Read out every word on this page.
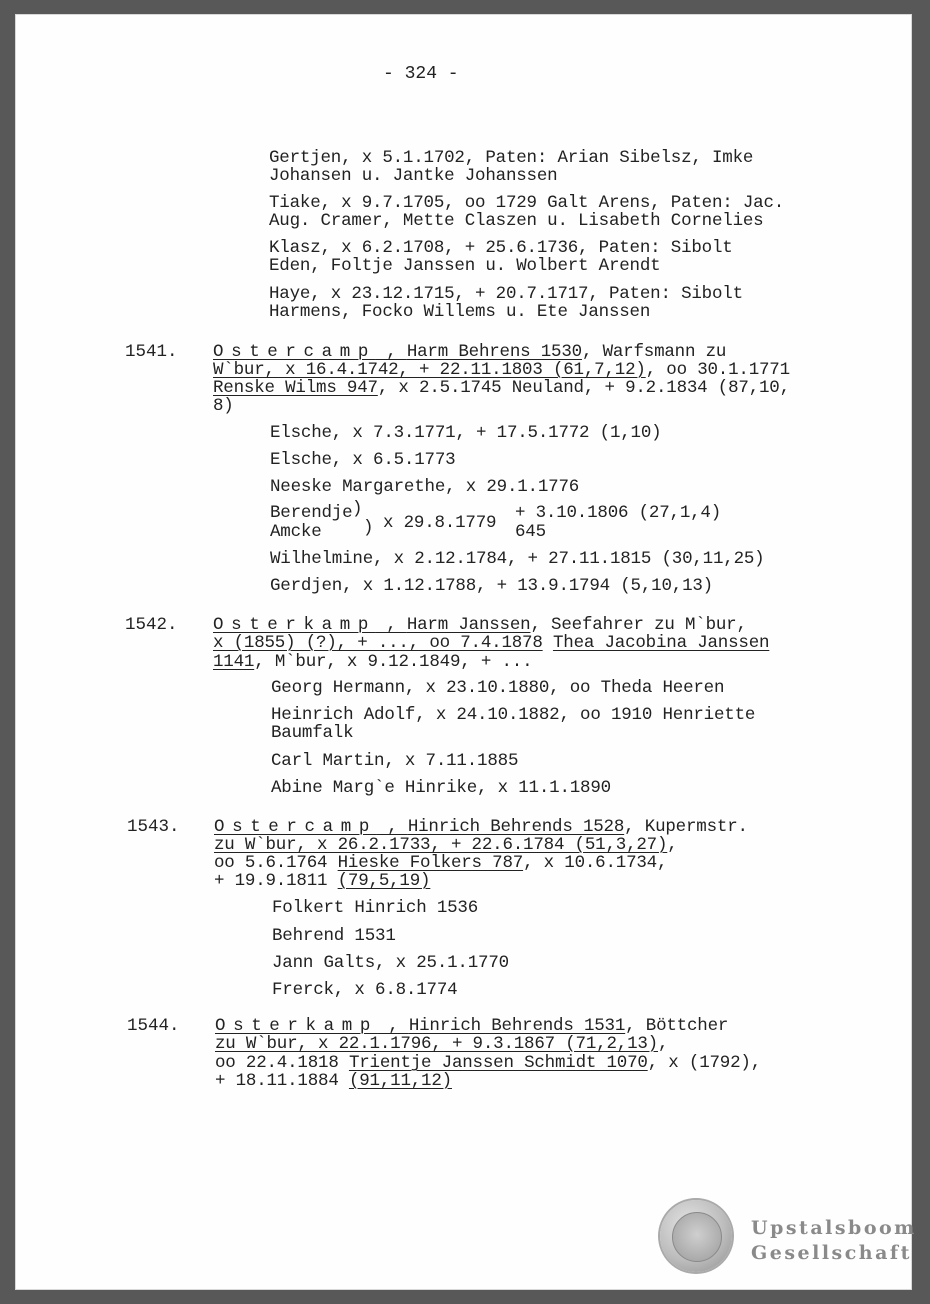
- 324 -
Gertjen, x 5.1.1702, Paten: Arian Sibelsz, Imke
Johansen u. Jantke Johanssen
Tiake, x 9.7.1705, oo 1729 Galt Arens, Paten: Jac.
Aug. Cramer, Mette Claszen u. Lisabeth Cornelies
Klasz, x 6.2.1708, + 25.6.1736, Paten: Sibolt
Eden, Foltje Janssen u. Wolbert Arendt
Haye, x 23.12.1715, + 20.7.1717, Paten: Sibolt
Harmens, Focko Willems u. Ete Janssen
1541. Ostercamp , Harm Behrens 1530, Warfsmann zu
W`bur, x 16.4.1742, + 22.11.1803 (61,7,12), oo 30.1.1771
Renske Wilms 947, x 2.5.1745 Neuland, + 9.2.1834 (87,10,
8)
Elsche, x 7.3.1771, + 17.5.1772 (1,10)
Elsche, x 6.5.1773
Neeske Margarethe, x 29.1.1776
Berendje
Amcke
)
) x 29.8.1779 + 3.10.1806 (27,1,4)
645
Wilhelmine, x 2.12.1784, + 27.11.1815 (30,11,25)
Gerdjen, x 1.12.1788, + 13.9.1794 (5,10,13)
1542. Osterkamp , Harm Janssen, Seefahrer zu M`bur,
x (1855) (?), + ..., oo 7.4.1878 Thea Jacobina Janssen
1141, M`bur, x 9.12.1849, + ...
Georg Hermann, x 23.10.1880, oo Theda Heeren
Heinrich Adolf, x 24.10.1882, oo 1910 Henriette
Baumfalk
Carl Martin, x 7.11.1885
Abine Marg`e Hinrike, x 11.1.1890
1543. Ostercamp , Hinrich Behrends 1528, Kupermstr.
zu W`bur, x 26.2.1733, + 22.6.1784 (51,3,27),
oo 5.6.1764 Hieske Folkers 787, x 10.6.1734,
+ 19.9.1811 (79,5,19)
Folkert Hinrich 1536
Behrend 1531
Jann Galts, x 25.1.1770
Frerck, x 6.8.1774
1544. Osterkamp , Hinrich Behrends 1531, Böttcher
zu W`bur, x 22.1.1796, + 9.3.1867 (71,2,13),
oo 22.4.1818 Trientje Janssen Schmidt 1070, x (1792),
+ 18.11.1884 (91,11,12)
Upstalsboom
Gesellschaft
